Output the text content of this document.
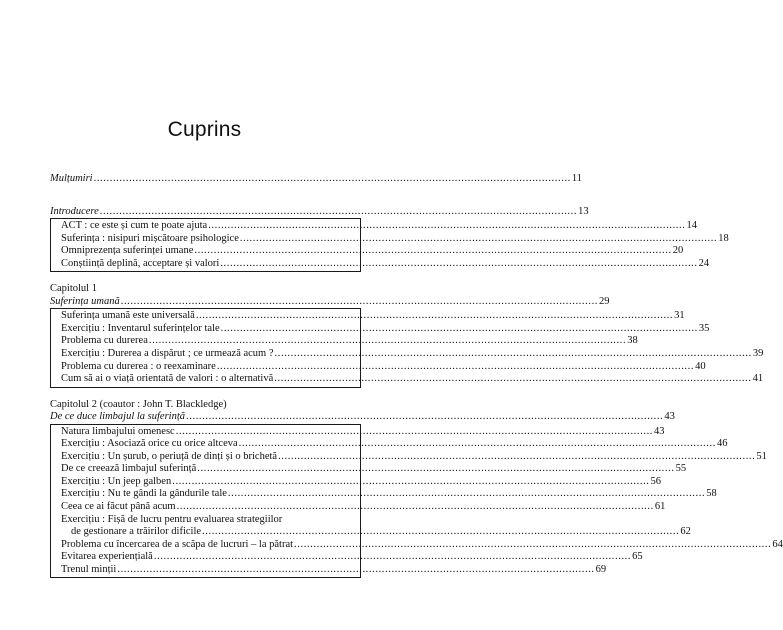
Cuprins
Mulțumiri .................................................................................................................................................... 11
Introducere .................................................................................................................................................... 13
ACT : ce este și cum te poate ajuta .................................................................................................................................................... 14
Suferința : nisipuri mișcătoare psihologice .................................................................................................................................................... 18
Omniprezența suferinței umane .................................................................................................................................................... 20
Conștiință deplină, acceptare și valori .................................................................................................................................................... 24
Capitolul 1
Suferința umană .................................................................................................................................................... 29
Suferința umană este universală .................................................................................................................................................... 31
Exercițiu : Inventarul suferințelor tale .................................................................................................................................................... 35
Problema cu durerea .................................................................................................................................................... 38
Exercițiu : Durerea a dispărut ; ce urmează acum ? .................................................................................................................................................... 39
Problema cu durerea : o reexaminare .................................................................................................................................................... 40
Cum să ai o viață orientată de valori : o alternativă .................................................................................................................................................... 41
Capitolul 2 (coautor : John T. Blackledge)
De ce duce limbajul la suferință .................................................................................................................................................... 43
Natura limbajului omenesc .................................................................................................................................................... 43
Exercițiu : Asociază orice cu orice altceva .................................................................................................................................................... 46
Exercițiu : Un șurub, o periuță de dinți și o brichetă .................................................................................................................................................... 51
De ce creează limbajul suferință .................................................................................................................................................... 55
Exercițiu : Un jeep galben .................................................................................................................................................... 56
Exercițiu : Nu te gândi la gândurile tale .................................................................................................................................................... 58
Ceea ce ai făcut până acum .................................................................................................................................................... 61
Exercițiu : Fișă de lucru pentru evaluarea strategiilor
de gestionare a trăirilor dificile .................................................................................................................................................... 62
Problema cu încercarea de a scăpa de lucruri – la pătrat .................................................................................................................................................... 64
Evitarea experiențială .................................................................................................................................................... 65
Trenul minții .................................................................................................................................................... 69
